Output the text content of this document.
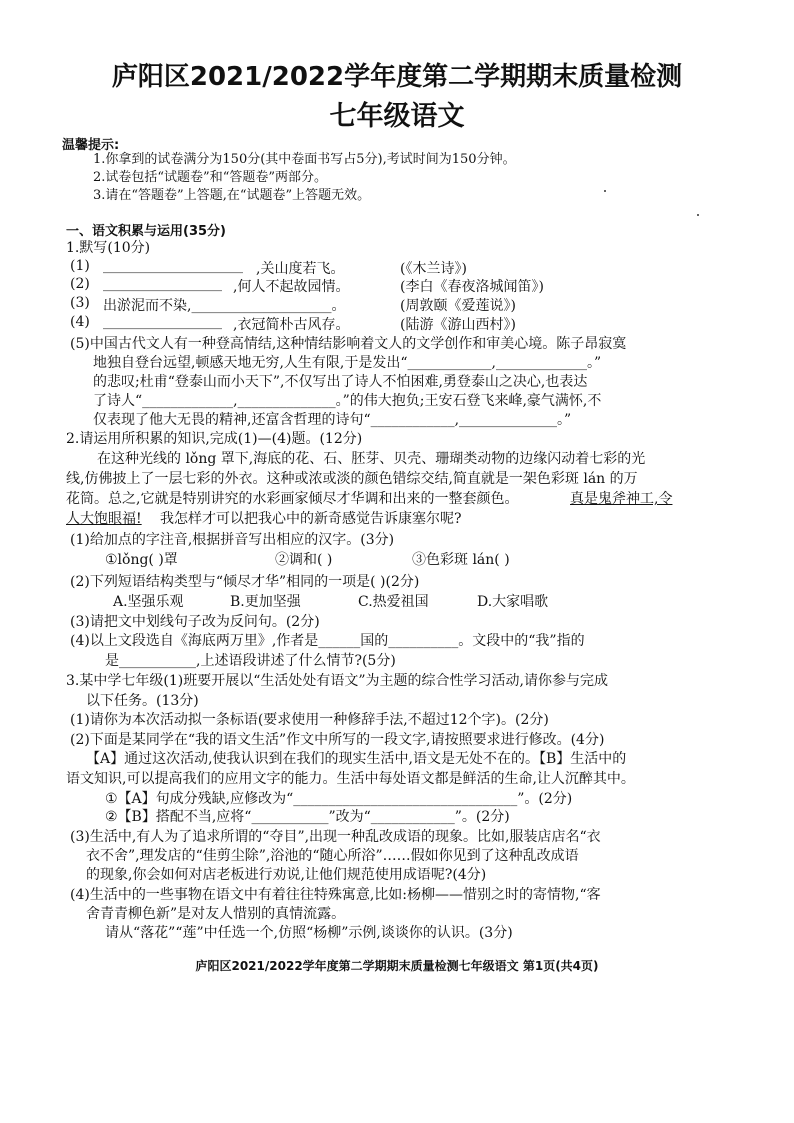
庐阳区2021/2022学年度第二学期期末质量检测
七年级语文
温馨提示:
1.你拿到的试卷满分为150分(其中卷面书写占5分),考试时间为150分钟。
2.试卷包括“试题卷”和“答题卷”两部分。
3.请在“答题卷”上答题,在“试题卷”上答题无效。
一、语文积累与运用(35分)
1.默写(10分)
(1) ____________________ ,关山度若飞。	(《木兰诗》)
(2) _________________ ,何人不起故园情。	(李白《春夜洛城闻笛》)
(3) 出淤泥而不染,____________________。	(周敦颐《爱莲说》)
(4) _________________ ,衣冠简朴古风存。	(陆游《游山西村》)
(5)中国古代文人有一种登高情结,这种情结影响着文人的文学创作和审美心境。陈子昂寂寞
地独自登台远望,顿感天地无穷,人生有限,于是发出“____________,_____________。”
的悲叹;杜甫“登泰山而小天下”,不仅写出了诗人不怕困难,勇登泰山之决心,也表达
了诗人“_____________,______________。”的伟大抱负;王安石登飞来峰,豪气满怀,不
仅表现了他大无畏的精神,还富含哲理的诗句“____________,______________。”
2.请运用所积累的知识,完成(1)—(4)题。(12分)
在这种光线的 lǒng 罩下,海底的花、石、胚芽、贝壳、珊瑚类动物的边缘闪动着七彩的光
线,仿佛披上了一层七彩的外衣。这种或浓或淡的颜色错综交结,简直就是一架色彩斑 lán 的万
花筒。总之,它就是特别讲究的水彩画家倾尽才华调和出来的一整套颜色。	真是鬼斧神工,令
人大饱眼福! 我怎样才可以把我心中的新奇感觉告诉康塞尔呢?
(1)给加点的字注音,根据拼音写出相应的汉字。(3分)
①lǒng( )罩	②调和( )	③色彩斑 lán( )
(2)下列短语结构类型与“倾尽才华”相同的一项是( )(2分)
A.坚强乐观	B.更加坚强	C.热爱祖国	D.大家唱歌
(3)请把文中划线句子改为反问句。(2分)
(4)以上文段选自《海底两万里》,作者是______国的__________。文段中的“我”指的
是___________,上述语段讲述了什么情节?(5分)
3.某中学七年级(1)班要开展以“生活处处有语文”为主题的综合性学习活动,请你参与完成
以下任务。(13分)
(1)请你为本次活动拟一条标语(要求使用一种修辞手法,不超过12个字)。(2分)
(2)下面是某同学在“我的语文生活”作文中所写的一段文字,请按照要求进行修改。(4分)
【A】通过这次活动,使我认识到在我们的现实生活中,语文是无处不在的。【B】生活中的
语文知识,可以提高我们的应用文字的能力。生活中每处语文都是鲜活的生命,让人沉醉其中。
①【A】句成分残缺,应修改为“________________________________”。(2分)
②【B】搭配不当,应将“___________”改为“____________”。(2分)
(3)生活中,有人为了追求所谓的“夺目”,出现一种乱改成语的现象。比如,服装店店名“衣
衣不舍”,理发店的“佳剪尘除”,浴池的“随心所浴”……假如你见到了这种乱改成语
的现象,你会如何对店老板进行劝说,让他们规范使用成语呢?(4分)
(4)生活中的一些事物在语文中有着往往特殊寓意,比如:杨柳——惜别之时的寄情物,“客
舍青青柳色新”是对友人惜别的真情流露。
请从“落花”“莲”中任选一个,仿照“杨柳”示例,谈谈你的认识。(3分)
庐阳区2021/2022学年度第二学期期末质量检测七年级语文 第1页(共4页)
